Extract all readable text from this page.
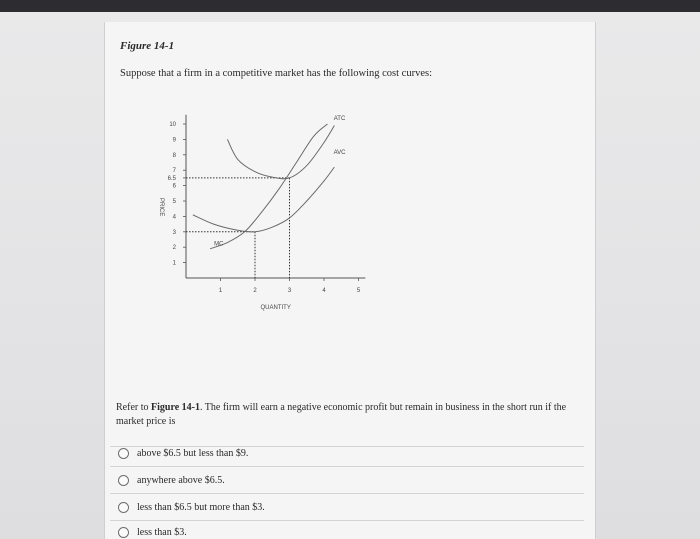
Figure 14-1
Suppose that a firm in a competitive market has the following cost curves:
10
9
8
7
6.5
6
5
4
3
2
1
1	2	3	4	5
QUANTITY
PRICE
ATC
AVC
MC
Refer to Figure 14-1. The firm will earn a negative economic profit but remain in business in the short run if the market price is
above $6.5 but less than $9.
anywhere above $6.5.
less than $6.5 but more than $3.
less than $3.
